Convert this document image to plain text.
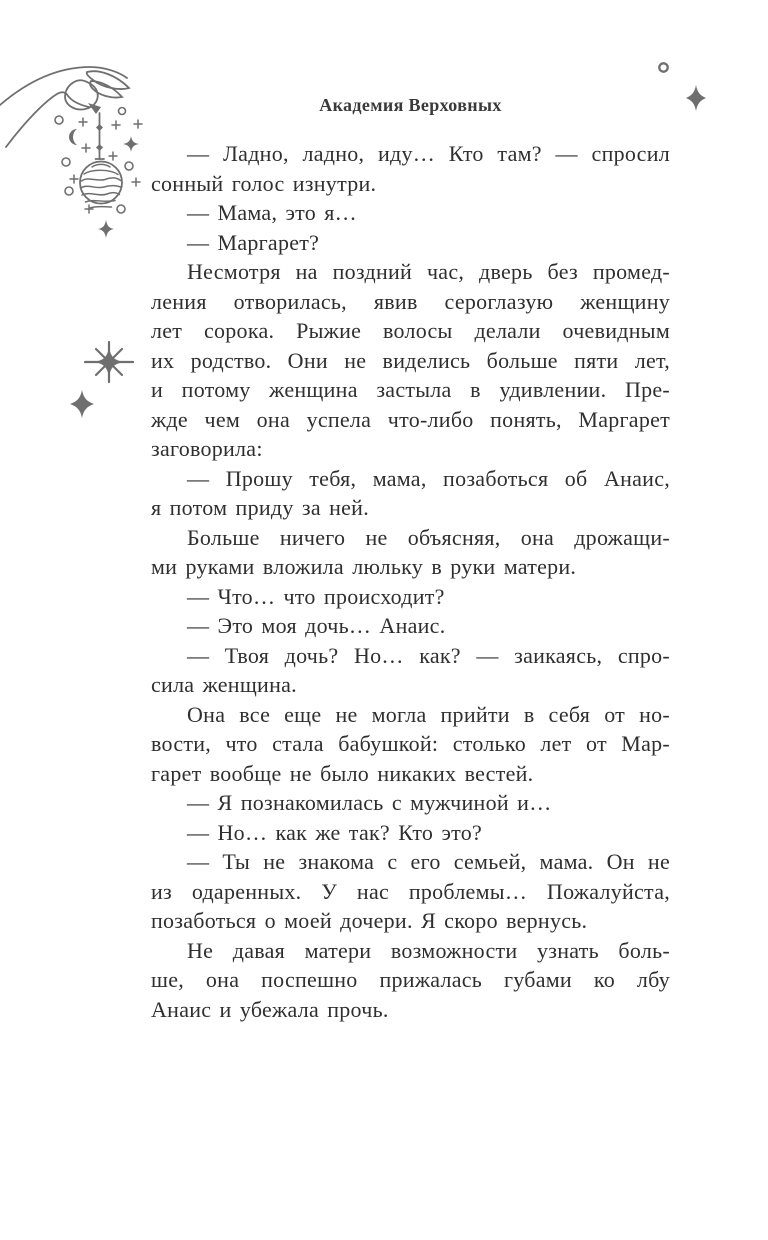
Академия Верховных
— Ладно, ладно, иду… Кто там? — спросил
сонный голос изнутри.
— Мама, это я…
— Маргарет?
Несмотря на поздний час, дверь без промед-
ления отворилась, явив сероглазую женщину
лет сорока. Рыжие волосы делали очевидным
их родство. Они не виделись больше пяти лет,
и потому женщина застыла в удивлении. Пре-
жде чем она успела что-либо понять, Маргарет
заговорила:
— Прошу тебя, мама, позаботься об Анаис,
я потом приду за ней.
Больше ничего не объясняя, она дрожащи-
ми руками вложила люльку в руки матери.
— Что… что происходит?
— Это моя дочь… Анаис.
— Твоя дочь? Но… как? — заикаясь, спро-
сила женщина.
Она все еще не могла прийти в себя от но-
вости, что стала бабушкой: столько лет от Мар-
гарет вообще не было никаких вестей.
— Я познакомилась с мужчиной и…
— Но… как же так? Кто это?
— Ты не знакома с его семьей, мама. Он не
из одаренных. У нас проблемы… Пожалуйста,
позаботься о моей дочери. Я скоро вернусь.
Не давая матери возможности узнать боль-
ше, она поспешно прижалась губами ко лбу
Анаис и убежала прочь.
